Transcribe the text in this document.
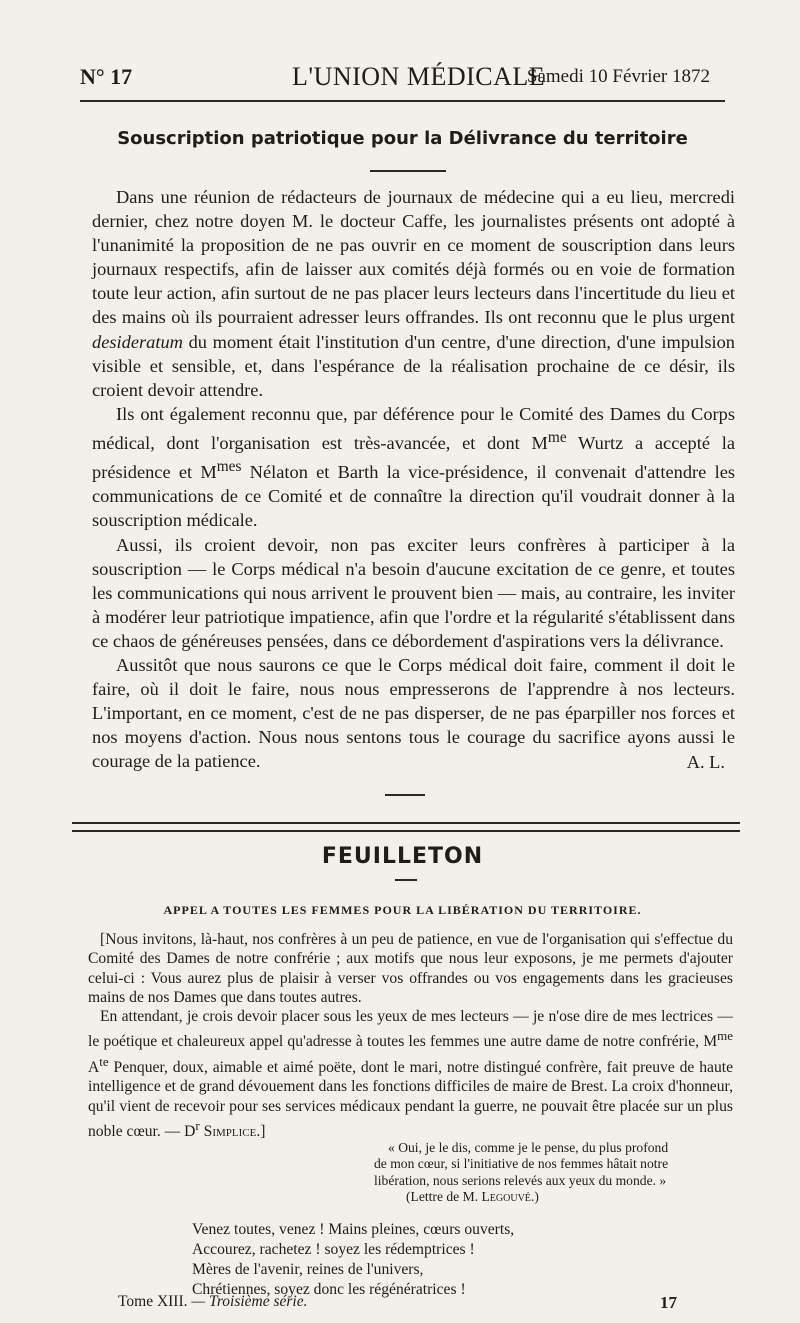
N° 17	L'UNION MÉDICALE
Samedi 10 Février 1872
Souscription patriotique pour la Délivrance du territoire

Dans une réunion de rédacteurs de journaux de médecine qui a eu lieu, mercredi dernier, chez notre doyen M. le docteur Caffe, les journalistes présents ont adopté à l'unanimité la proposition de ne pas ouvrir en ce moment de souscription dans leurs journaux respectifs, afin de laisser aux comités déjà formés ou en voie de formation toute leur action, afin surtout de ne pas placer leurs lecteurs dans l'incertitude du lieu et des mains où ils pourraient adresser leurs offrandes. Ils ont reconnu que le plus urgent desideratum du moment était l'institution d'un centre, d'une direction, d'une impulsion visible et sensible, et, dans l'espérance de la réalisation prochaine de ce désir, ils croient devoir attendre.

Ils ont également reconnu que, par déférence pour le Comité des Dames du Corps médical, dont l'organisation est très-avancée, et dont $M^{me}$ Wurtz a accepté la présidence et $M^{mes}$ Nélaton et Barth la vice-présidence, il convenait d'attendre les communications de ce Comité et de connaître la direction qu'il voudrait donner à la souscription médicale.

Aussi, ils croient devoir, non pas exciter leurs confrères à participer à la souscription — le Corps médical n'a besoin d'aucune excitation de ce genre, et toutes les communications qui nous arrivent le prouvent bien — mais, au contraire, les inviter à modérer leur patriotique impatience, afin que l'ordre et la régularité s'établissent dans ce chaos de généreuses pensées, dans ce débordement d'aspirations vers la délivrance.

Aussitôt que nous saurons ce que le Corps médical doit faire, comment il doit le faire, où il doit le faire, nous nous empresserons de l'apprendre à nos lecteurs. L'important, en ce moment, c'est de ne pas disperser, de ne pas éparpiller nos forces et nos moyens d'action. Nous nous sentons tous le courage du sacrifice ayons aussi le courage de la patience.	A. L.
FEUILLETON
APPEL A TOUTES LES FEMMES POUR LA LIBÉRATION DU TERRITOIRE.

[Nous invitons, là-haut, nos confrères à un peu de patience, en vue de l'organisation qui s'effectue du Comité des Dames de notre confrérie ; aux motifs que nous leur exposons, je me permets d'ajouter celui-ci : Vous aurez plus de plaisir à verser vos offrandes ou vos engagements dans les gracieuses mains de nos Dames que dans toutes autres.

En attendant, je crois devoir placer sous les yeux de mes lecteurs — je n'ose dire de mes lectrices — le poétique et chaleureux appel qu'adresse à toutes les femmes une autre dame de notre confrérie, $M^{me}$ $A^{te}$ Penquer, doux, aimable et aimé poëte, dont le mari, notre distingué confrère, fait preuve de haute intelligence et de grand dévouement dans les fonctions difficiles de maire de Brest. La croix d'honneur, qu'il vient de recevoir pour ses services médicaux pendant la guerre, ne pouvait être placée sur un plus noble cœur. — $D^r$ Simplice.]

« Oui, je le dis, comme je le pense, du plus profond
de mon cœur, si l'initiative de nos femmes hâtait notre
libération, nous serions relevés aux yeux du monde. »
(Lettre de M. Legouvé.)
Venez toutes, venez ! Mains pleines, cœurs ouverts,
Accourez, rachetez ! soyez les rédemptrices !
Mères de l'avenir, reines de l'univers,
Chrétiennes, soyez donc les régénératrices !
Tome XIII. — Troisième série.	17
